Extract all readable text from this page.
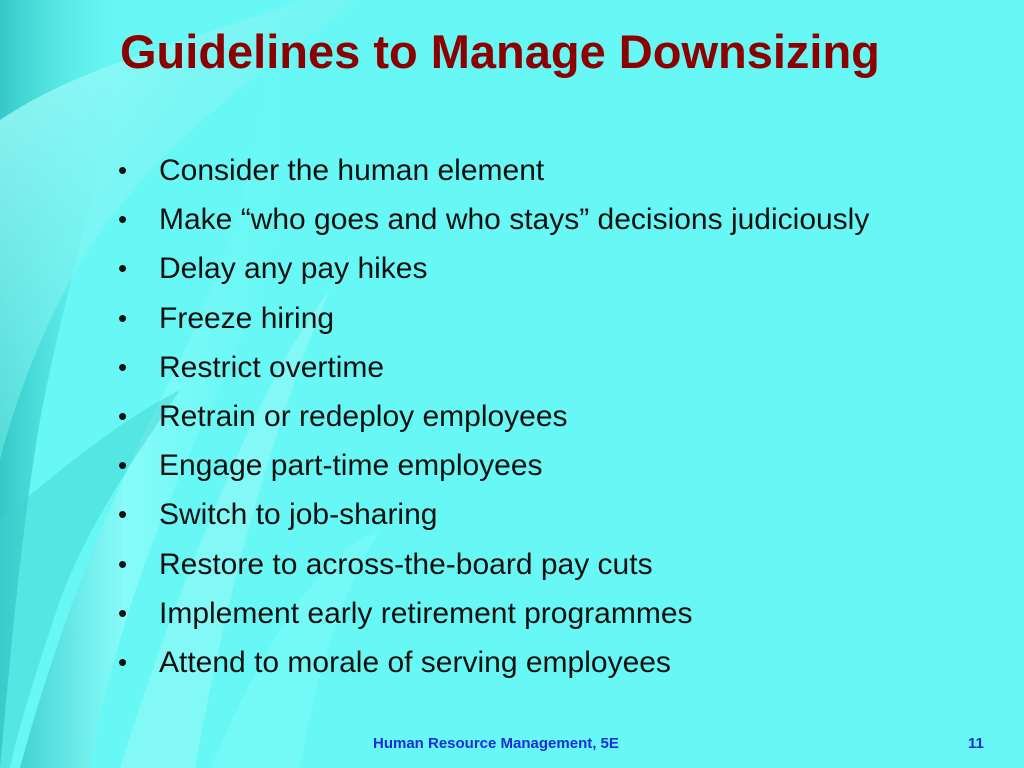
Guidelines to Manage Downsizing
• Consider the human element
• Make “who goes and who stays” decisions judiciously
• Delay any pay hikes
• Freeze hiring
• Restrict overtime
• Retrain or redeploy employees
• Engage part-time employees
• Switch to job-sharing
• Restore to across-the-board pay cuts
• Implement early retirement programmes
• Attend to morale of serving employees
Human Resource Management, 5E	11
